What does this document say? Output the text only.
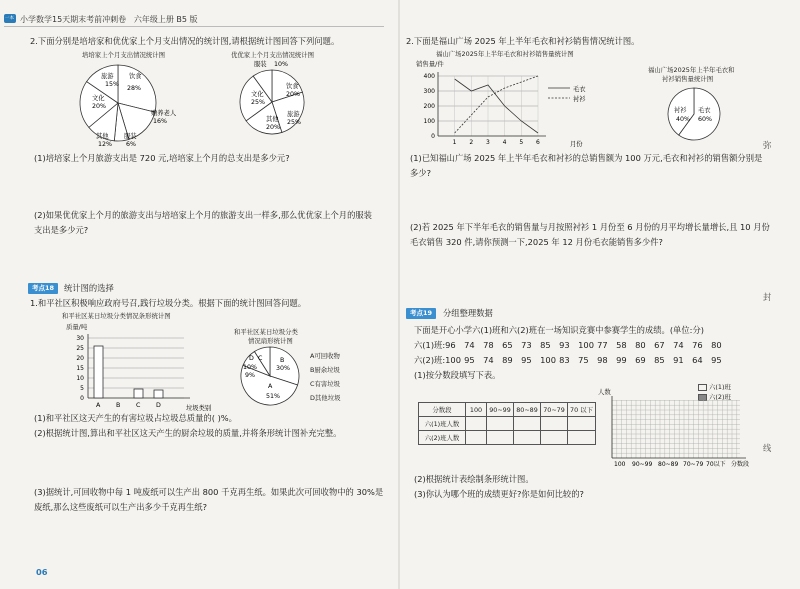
一本 小学数学15天期末考前冲刺卷 六年级上册 B5 版
2.下面分别是培培家和优优家上个月支出情况的统计图,请根据统计图回答下列问题。
培培家上个月支出情况统计图	优优家上个月支出情况统计图
旅游
15%
饮食
28%
赡养老人
16%
服装
6%
其他
12%
文化
20%
服装 10%
饮食
20%
旅游
25%
其他
20%
文化
25%
(1)培培家上个月旅游支出是 720 元,培培家上个月的总支出是多少元?
(2)如果优优家上个月的旅游支出与培培家上个月的旅游支出一样多,那么优优家上个月的服装
支出是多少元?
考点18	统计图的选择
1.和平社区积极响应政府号召,践行垃圾分类。根据下面的统计图回答问题。
和平社区某日垃圾分类情况条形统计图
质量/吨
0
5
10
15
20
25
30
A B C D	垃圾类别
和平社区某日垃圾分类
情况扇形统计图
B
30%
A
51%
D C
10%
9%
A可回收物
B厨余垃圾
C有害垃圾
D其他垃圾
(1)和平社区这天产生的有害垃圾占垃圾总质量的( )%。
(2)根据统计图,算出和平社区这天产生的厨余垃圾的质量,并将条形统计图补充完整。
(3)据统计,可回收物中每 1 吨废纸可以生产出 800 千克再生纸。如果此次可回收物中的 30%是
废纸,那么这些废纸可以生产出多少千克再生纸?
06
2.下面是福山广场 2025 年上半年毛衣和衬衫销售情况统计图。
福山广场2025年上半年毛衣和衬衫销售量统计图
销售量/件
0
100
200
300
400
1 2 3 4 5 6	月份
毛衣
衬衫
福山广场2025年上半年毛衣和
衬衫销售量统计图
衬衫
40%
毛衣
60%
(1)已知福山广场 2025 年上半年毛衣和衬衫的总销售额为 100 万元,毛衣和衬衫的销售额分别是
多少?
(2)若 2025 年下半年毛衣的销售量与月按照衬衫 1 月份至 6 月份的月平均增长量增长,且 10 月份
毛衣销售 320 件,请你预测一下,2025 年 12 月份毛衣能销售多少件?
考点19	分组整理数据
下面是开心小学六(1)班和六(2)班在一场知识竞赛中参赛学生的成绩。(单位:分)
六(1)班:96 74 78 65 73 85 93 100 77 58 80 67 74 76 80
六(2)班:100 95 74 89 95 100 83 75 98 99 69 85 91 64 95
(1)按分数段填写下表。
分数段	100	90~99	80~89	70~79	70 以下
六(1)班人数					
六(2)班人数					
人数
六(1)班
六(2)班
100 90~99 80~89 70~79 70以下 分数段
(2)根据统计表绘制条形统计图。
(3)你认为哪个班的成绩更好?你是如何比较的?
弥
封
线
